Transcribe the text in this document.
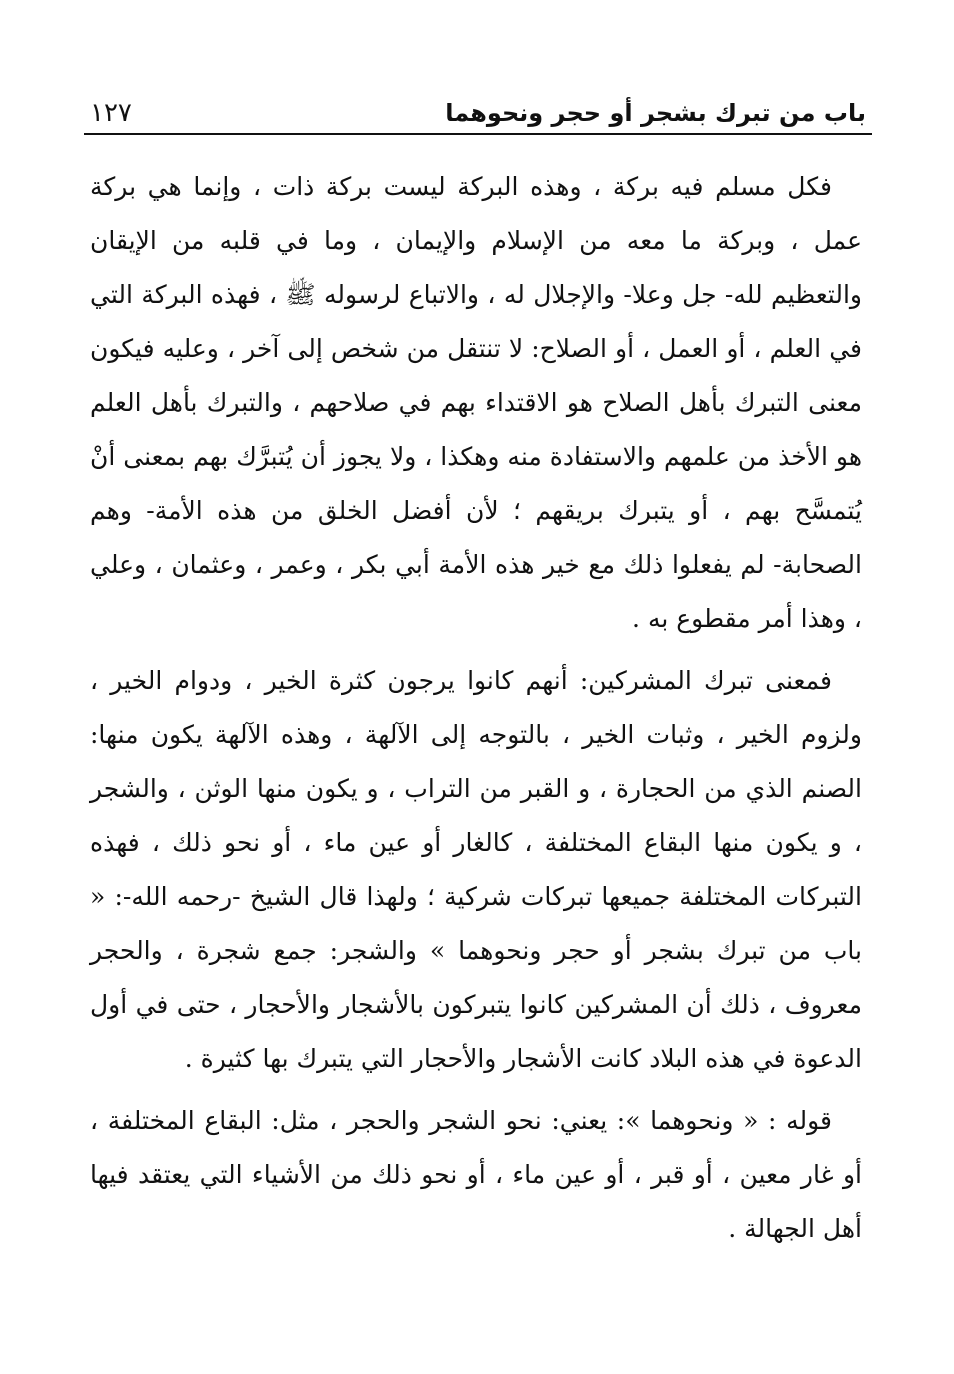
باب من تبرك بشجر أو حجر ونحوهما
١٢٧

فكل مسلم فيه بركة ، وهذه البركة ليست بركة ذات ، وإنما هي بركة عمل ، وبركة ما معه من الإسلام والإيمان ، وما في قلبه من الإيقان والتعظيم لله- جل وعلا- والإجلال له ، والاتباع لرسوله ﷺ ، فهذه البركة التي في العلم ، أو العمل ، أو الصلاح: لا تنتقل من شخص إلى آخر ، وعليه فيكون معنى التبرك بأهل الصلاح هو الاقتداء بهم في صلاحهم ، والتبرك بأهل العلم هو الأخذ من علمهم والاستفادة منه وهكذا ، ولا يجوز أن يُتبرَّك بهم بمعنى أنْ يُتمسَّح بهم ، أو يتبرك بريقهم ؛ لأن أفضل الخلق من هذه الأمة- وهم الصحابة- لم يفعلوا ذلك مع خير هذه الأمة أبي بكر ، وعمر ، وعثمان ، وعلي ، وهذا أمر مقطوع به .

فمعنى تبرك المشركين: أنهم كانوا يرجون كثرة الخير ، ودوام الخير ، ولزوم الخير ، وثبات الخير ، بالتوجه إلى الآلهة ، وهذه الآلهة يكون منها: الصنم الذي من الحجارة ، و القبر من التراب ، و يكون منها الوثن ، والشجر ، و يكون منها البقاع المختلفة ، كالغار أو عين ماء ، أو نحو ذلك ، فهذه التبركات المختلفة جميعها تبركات شركية ؛ ولهذا قال الشيخ -رحمه الله-: « باب من تبرك بشجر أو حجر ونحوهما » والشجر: جمع شجرة ، والحجر معروف ، ذلك أن المشركين كانوا يتبركون بالأشجار والأحجار ، حتى في أول الدعوة في هذه البلاد كانت الأشجار والأحجار التي يتبرك بها كثيرة .

قوله : « ونحوهما »: يعني: نحو الشجر والحجر ، مثل: البقاع المختلفة ، أو غار معين ، أو قبر ، أو عين ماء ، أو نحو ذلك من الأشياء التي يعتقد فيها أهل الجهالة .
